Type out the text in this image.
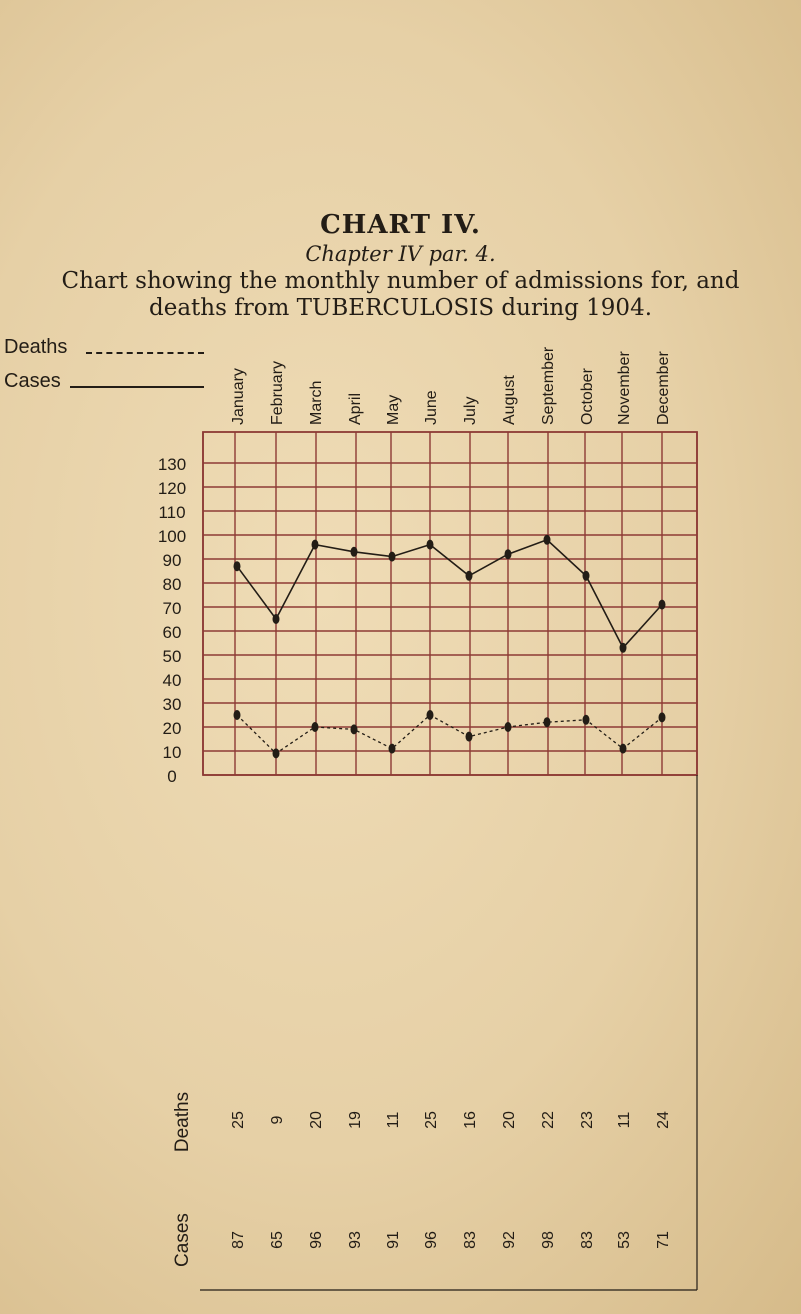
CHART IV.
Chapter IV par. 4.
Chart showing the monthly number of admissions for, and
deaths from TUBERCULOSIS during 1904.
Deaths
Cases
0
10
20
30
40
50
60
70
80
90
100
110
120
130
January February March April May June July August September October November December
Deaths 25 9 20 19 11 25 16 20 22 23 11 24
Cases 87 65 96 93 91 96 83 92 98 83 53 71
